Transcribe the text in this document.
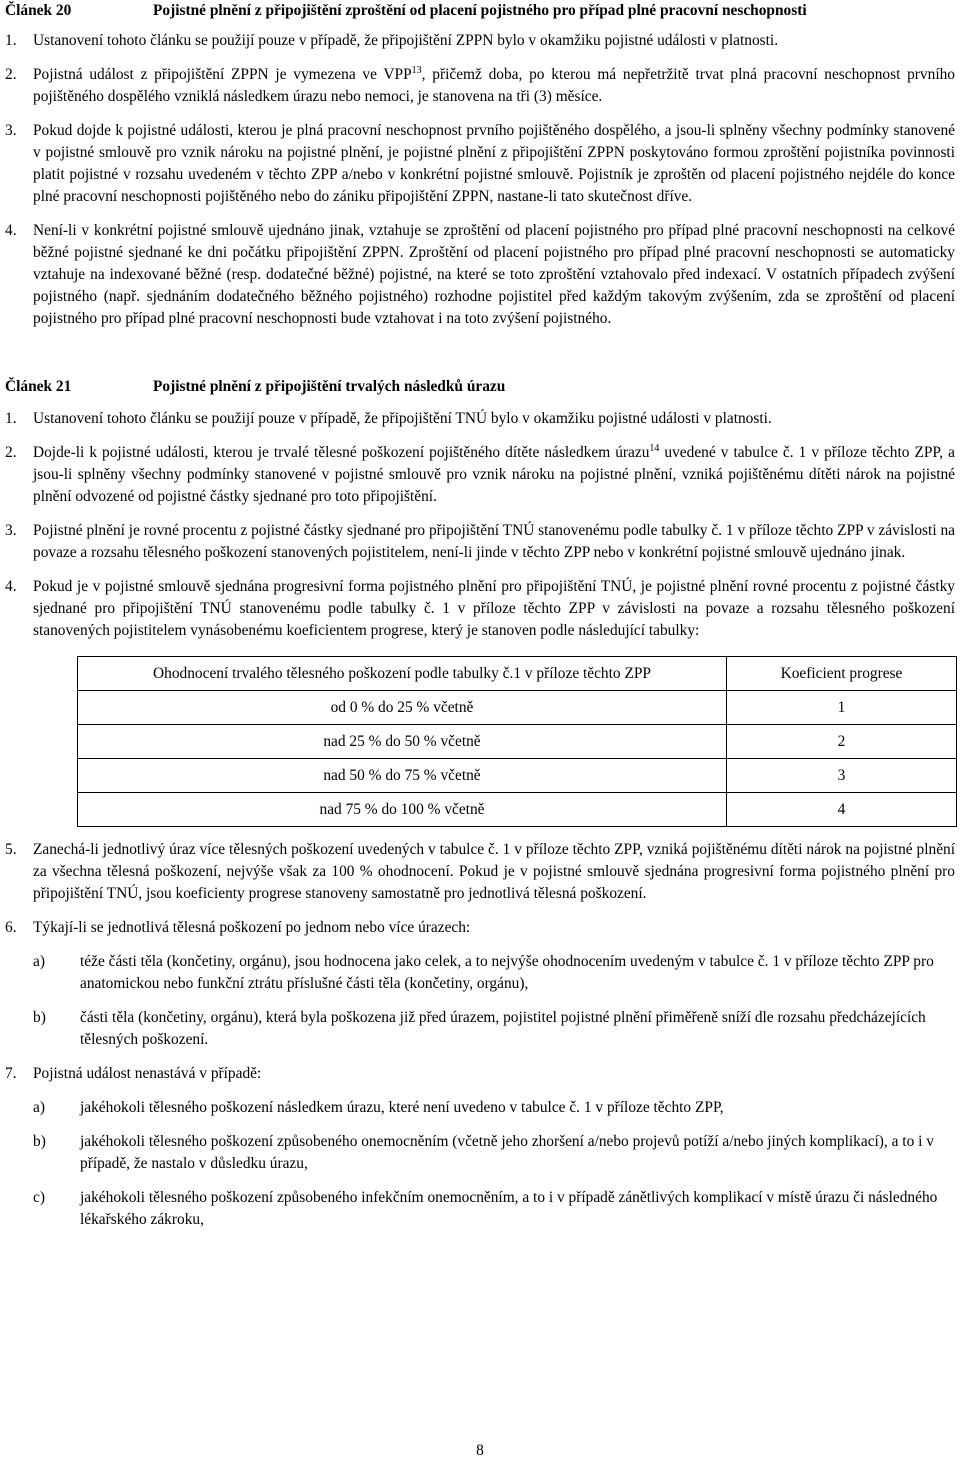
Článek 20	Pojistné plnění z připojištění zproštění od placení pojistného pro případ plné pracovní neschopnosti
1.	Ustanovení tohoto článku se použijí pouze v případě, že připojištění ZPPN bylo v okamžiku pojistné události v platnosti.
2.	Pojistná událost z připojištění ZPPN je vymezena ve VPP$^{13}$, přičemž doba, po kterou má nepřetržitě trvat plná pracovní neschopnost prvního pojištěného dospělého vzniklá následkem úrazu nebo nemoci, je stanovena na tři (3) měsíce.
3.	Pokud dojde k pojistné události, kterou je plná pracovní neschopnost prvního pojištěného dospělého, a jsou-li splněny všechny podmínky stanovené v pojistné smlouvě pro vznik nároku na pojistné plnění, je pojistné plnění z připojištění ZPPN poskytováno formou zproštění pojistníka povinnosti platit pojistné v rozsahu uvedeném v těchto ZPP a/nebo v konkrétní pojistné smlouvě. Pojistník je zproštěn od placení pojistného nejdéle do konce plné pracovní neschopnosti pojištěného nebo do zániku připojištění ZPPN, nastane-li tato skutečnost dříve.
4.	Není-li v konkrétní pojistné smlouvě ujednáno jinak, vztahuje se zproštění od placení pojistného pro případ plné pracovní neschopnosti na celkové běžné pojistné sjednané ke dni počátku připojištění ZPPN. Zproštění od placení pojistného pro případ plné pracovní neschopnosti se automaticky vztahuje na indexované běžné (resp. dodatečné běžné) pojistné, na které se toto zproštění vztahovalo před indexací. V ostatních případech zvýšení pojistného (např. sjednáním dodatečného běžného pojistného) rozhodne pojistitel před každým takovým zvýšením, zda se zproštění od placení pojistného pro případ plné pracovní neschopnosti bude vztahovat i na toto zvýšení pojistného.
Článek 21	Pojistné plnění z připojištění trvalých následků úrazu
1.	Ustanovení tohoto článku se použijí pouze v případě, že připojištění TNÚ bylo v okamžiku pojistné události v platnosti.
2.	Dojde-li k pojistné události, kterou je trvalé tělesné poškození pojištěného dítěte následkem úrazu$^{14}$ uvedené v tabulce č. 1 v příloze těchto ZPP, a jsou-li splněny všechny podmínky stanovené v pojistné smlouvě pro vznik nároku na pojistné plnění, vzniká pojištěnému dítěti nárok na pojistné plnění odvozené od pojistné částky sjednané pro toto připojištění.
3.	Pojistné plnění je rovné procentu z pojistné částky sjednané pro připojištění TNÚ stanovenému podle tabulky č. 1 v příloze těchto ZPP v závislosti na povaze a rozsahu tělesného poškození stanovených pojistitelem, není-li jinde v těchto ZPP nebo v konkrétní pojistné smlouvě ujednáno jinak.
4.	Pokud je v pojistné smlouvě sjednána progresivní forma pojistného plnění pro připojištění TNÚ, je pojistné plnění rovné procentu z pojistné částky sjednané pro připojištění TNÚ stanovenému podle tabulky č. 1 v příloze těchto ZPP v závislosti na povaze a rozsahu tělesného poškození stanovených pojistitelem vynásobenému koeficientem progrese, který je stanoven podle následující tabulky:
Ohodnocení trvalého tělesného poškození podle tabulky č.1 v příloze těchto ZPP	Koeficient progrese
od 0 % do 25 % včetně	1
nad 25 % do 50 % včetně	2
nad 50 % do 75 % včetně	3
nad 75 % do 100 % včetně	4
5.	Zanechá-li jednotlivý úraz více tělesných poškození uvedených v tabulce č. 1 v příloze těchto ZPP, vzniká pojištěnému dítěti nárok na pojistné plnění za všechna tělesná poškození, nejvýše však za 100 % ohodnocení. Pokud je v pojistné smlouvě sjednána progresivní forma pojistného plnění pro připojištění TNÚ, jsou koeficienty progrese stanoveny samostatně pro jednotlivá tělesná poškození.
6.	Týkají-li se jednotlivá tělesná poškození po jednom nebo více úrazech:
a)	téže části těla (končetiny, orgánu), jsou hodnocena jako celek, a to nejvýše ohodnocením uvedeným v tabulce č. 1 v příloze těchto ZPP pro anatomickou nebo funkční ztrátu příslušné části těla (končetiny, orgánu),
b)	části těla (končetiny, orgánu), která byla poškozena již před úrazem, pojistitel pojistné plnění přiměřeně sníží dle rozsahu předcházejících tělesných poškození.
7.	Pojistná událost nenastává v případě:
a)	jakéhokoli tělesného poškození následkem úrazu, které není uvedeno v tabulce č. 1 v příloze těchto ZPP,
b)	jakéhokoli tělesného poškození způsobeného onemocněním (včetně jeho zhoršení a/nebo projevů potíží a/nebo jiných komplikací), a to i v případě, že nastalo v důsledku úrazu,
c)	jakéhokoli tělesného poškození způsobeného infekčním onemocněním, a to i v případě zánětlivých komplikací v místě úrazu či následného lékařského zákroku,
8
